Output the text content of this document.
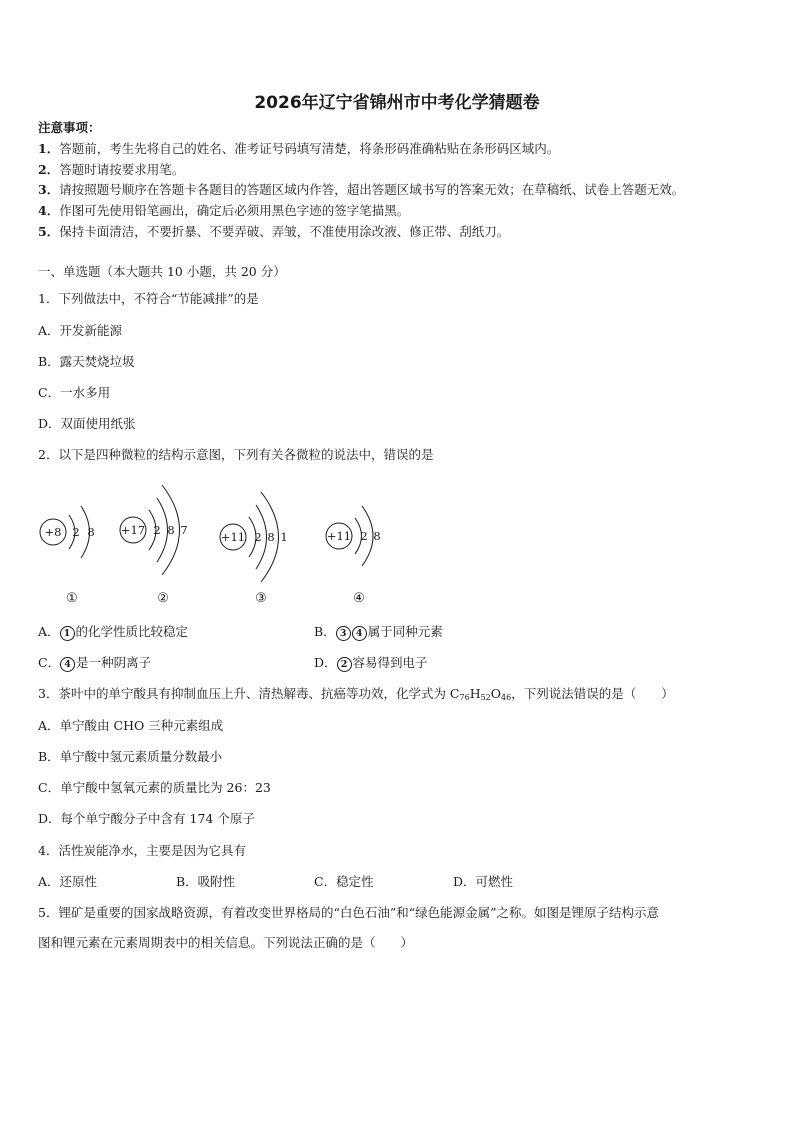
2026年辽宁省锦州市中考化学猜题卷
注意事项：
1．答题前，考生先将自己的姓名、准考证号码填写清楚，将条形码准确粘贴在条形码区域内。
2．答题时请按要求用笔。
3．请按照题号顺序在答题卡各题目的答题区域内作答，超出答题区域书写的答案无效；在草稿纸、试卷上答题无效。
4．作图可先使用铅笔画出，确定后必须用黑色字迹的签字笔描黑。
5．保持卡面清洁，不要折暴、不要弄破、弄皱，不准使用涂改液、修正带、刮纸刀。
一、单选题（本大题共 10 小题，共 20 分）
1．下列做法中，不符合“节能减排”的是
A．开发新能源
B．露天焚烧垃圾
C．一水多用
D．双面使用纸张
2．以下是四种微粒的结构示意图，下列有关各微粒的说法中，错误的是
+8 2 8 +17 2 8 7	+11 2 8 1	+11 2 8
①	②	③	④
A． 1 的化学性质比较稳定	B． 3 4 属于同种元素
C． 4 是一种阴离子	D． 2 容易得到电子
3．茶叶中的单宁酸具有抑制血压上升、清热解毒、抗癌等功效，化学式为 $C_{76}H_{52}O_{46}$，下列说法错误的是（　　）
A．单宁酸由 CHO 三种元素组成
B．单宁酸中氢元素质量分数最小
C．单宁酸中氢氧元素的质量比为 26：23
D．每个单宁酸分子中含有 174 个原子
4．活性炭能净水，主要是因为它具有
A．还原性	B．吸附性	C．稳定性	D．可燃性
5．锂矿是重要的国家战略资源，有着改变世界格局的“白色石油”和“绿色能源金属”之称。如图是锂原子结构示意
图和锂元素在元素周期表中的相关信息。下列说法正确的是（　　）
